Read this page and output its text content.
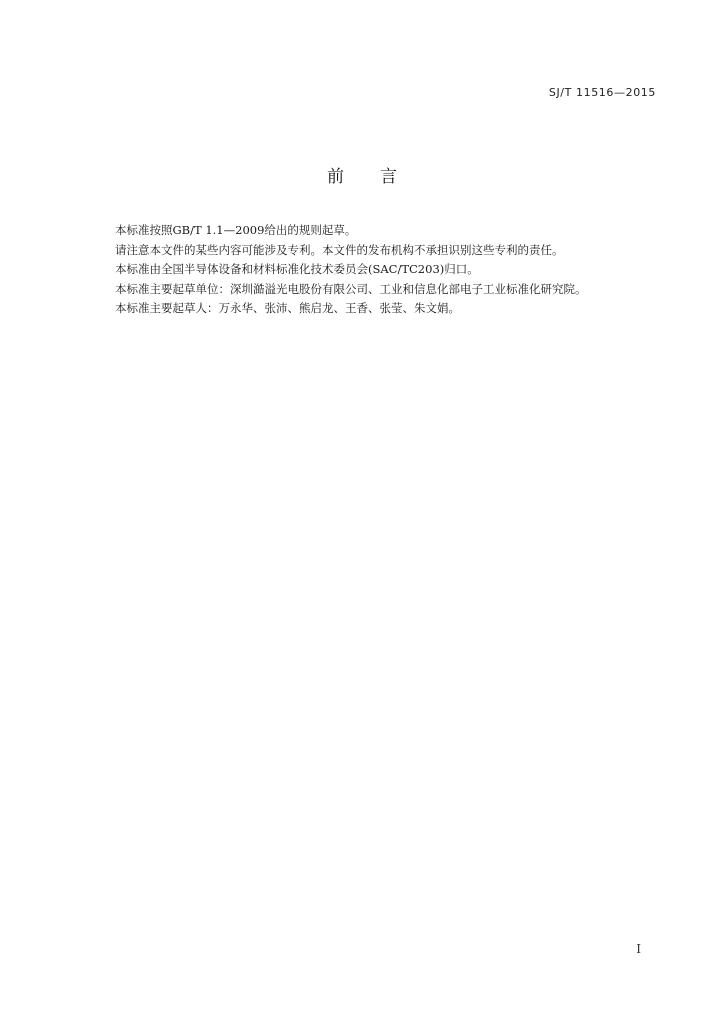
SJ/T 11516—2015
前言

本标准按照GB/T 1.1—2009给出的规则起草。

请注意本文件的某些内容可能涉及专利。本文件的发布机构不承担识别这些专利的责任。

本标准由全国半导体设备和材料标准化技术委员会(SAC/TC203)归口。

本标准主要起草单位：深圳澔溢光电股份有限公司、工业和信息化部电子工业标准化研究院。

本标准主要起草人：万永华、张沛、熊启龙、王香、张莹、朱文娟。

I
